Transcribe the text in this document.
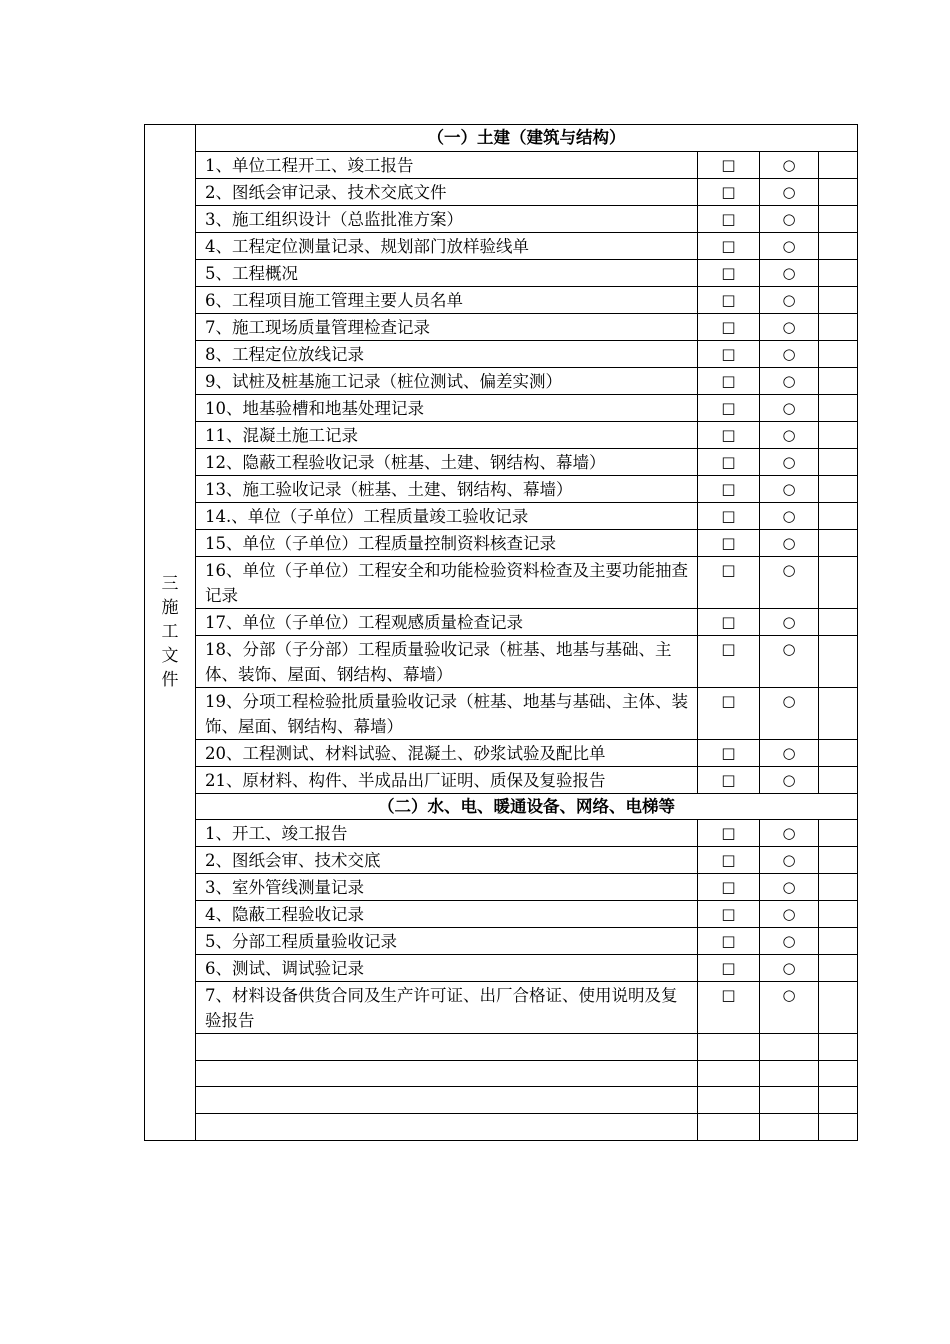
三施工文件	（一）土建（建筑与结构）			
	1、单位工程开工、竣工报告	□	○	
	2、图纸会审记录、技术交底文件	□	○	
	3、施工组织设计（总监批准方案）	□	○	
	4、工程定位测量记录、规划部门放样验线单	□	○	
	5、工程概况	□	○	
	6、工程项目施工管理主要人员名单	□	○	
	7、施工现场质量管理检查记录	□	○	
	8、工程定位放线记录	□	○	
	9、试桩及桩基施工记录（桩位测试、偏差实测）	□	○	
	10、地基验槽和地基处理记录	□	○	
	11、混凝土施工记录	□	○	
	12、隐蔽工程验收记录（桩基、土建、钢结构、幕墙）	□	○	
	13、施工验收记录（桩基、土建、钢结构、幕墙）	□	○	
	14.、单位（子单位）工程质量竣工验收记录	□	○	
	15、单位（子单位）工程质量控制资料核查记录	□	○	
	16、单位（子单位）工程安全和功能检验资料检查及主要功能抽查记录	□	○	
	17、单位（子单位）工程观感质量检查记录	□	○	
	18、分部（子分部）工程质量验收记录（桩基、地基与基础、主体、装饰、屋面、钢结构、幕墙）	□	○	
	19、分项工程检验批质量验收记录（桩基、地基与基础、主体、装饰、屋面、钢结构、幕墙）	□	○	
	20、工程测试、材料试验、混凝土、砂浆试验及配比单	□	○	
	21、原材料、构件、半成品出厂证明、质保及复验报告	□	○	
	（二）水、电、暖通设备、网络、电梯等			
	1、开工、竣工报告	□	○	
	2、图纸会审、技术交底	□	○	
	3、室外管线测量记录	□	○	
	4、隐蔽工程验收记录	□	○	
	5、分部工程质量验收记录	□	○	
	6、测试、调试验记录	□	○	
	7、材料设备供货合同及生产许可证、出厂合格证、使用说明及复验报告	□	○	
